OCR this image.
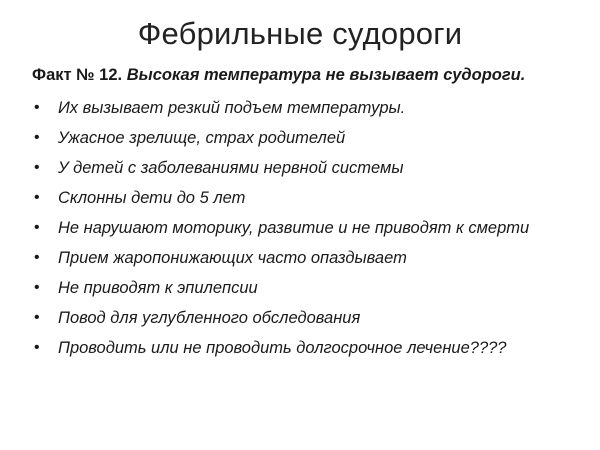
Фебрильные судороги
Факт № 12. Высокая температура не вызывает судороги.
• Их вызывает резкий подъем температуры.
• Ужасное зрелище, страх родителей
• У детей с заболеваниями нервной системы
• Склонны дети до 5 лет
• Не нарушают моторику, развитие и не приводят к смерти
• Прием жаропонижающих часто опаздывает
• Не приводят к эпилепсии
• Повод для углубленного обследования
• Проводить или не проводить долгосрочное лечение????
